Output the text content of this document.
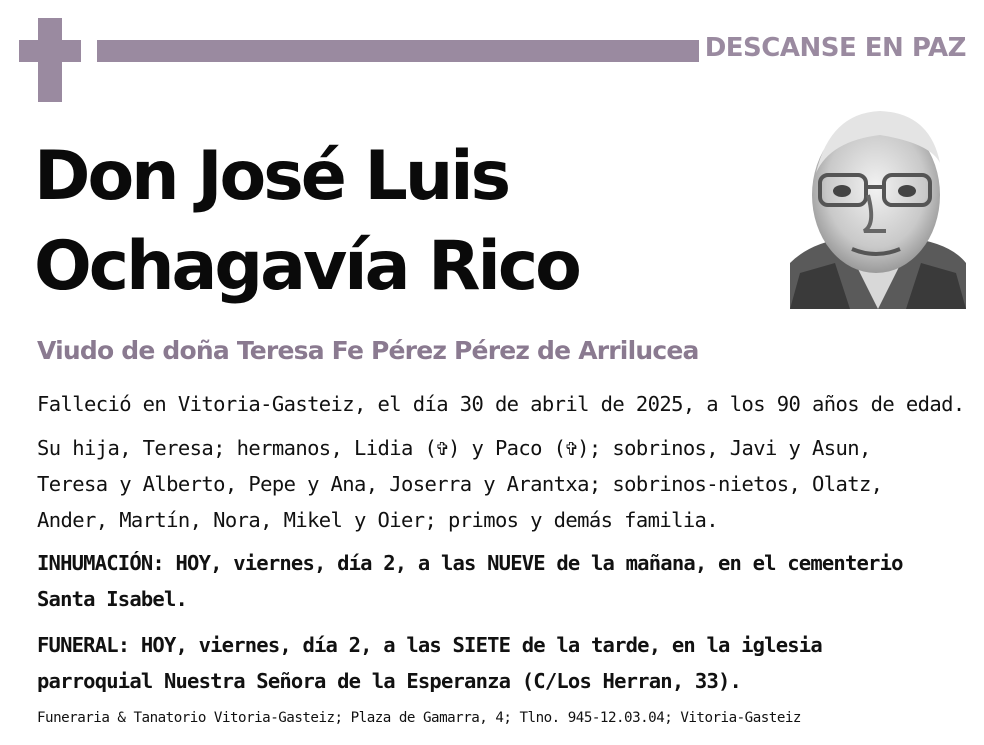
DESCANSE EN PAZ
Don José Luis
Ochagavía Rico
Viudo de doña Teresa Fe Pérez Pérez de Arrilucea

Falleció en Vitoria-Gasteiz, el día 30 de abril de 2025, a los 90 años de edad.

Su hija, Teresa; hermanos, Lidia (✞) y Paco (✞); sobrinos, Javi y Asun, Teresa y Alberto, Pepe y Ana, Joserra y Arantxa; sobrinos-nietos, Olatz, Ander, Martín, Nora, Mikel y Oier; primos y demás familia.

INHUMACIÓN: HOY, viernes, día 2, a las NUEVE de la mañana, en el cementerio Santa Isabel.

FUNERAL: HOY, viernes, día 2, a las SIETE de la tarde, en la iglesia parroquial Nuestra Señora de la Esperanza (C/Los Herran, 33).

Funeraria & Tanatorio Vitoria-Gasteiz; Plaza de Gamarra, 4; Tlno. 945-12.03.04; Vitoria-Gasteiz
